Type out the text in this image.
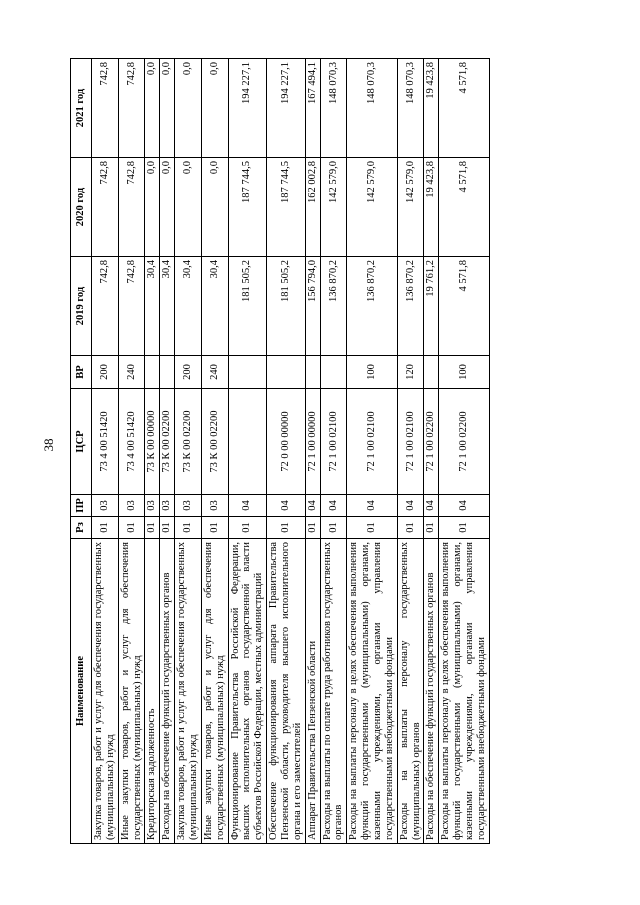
38
Наименование	Рз	ПР	ЦСР	ВР	2019 год	2020 год	2021 год
Закупка товаров, работ и услуг для обеспечения государственных (муниципальных) нужд	01	03	73 4 00 51420	200	742,8	742,8	742,8
Иные закупки товаров, работ и услуг для обеспечения государственных (муниципальных) нужд	01	03	73 4 00 51420	240	742,8	742,8	742,8
Кредиторская задолженность	01	03	73 К 00 00000		30,4	0,0	0,0
Расходы на обеспечение функций государственных органов	01	03	73 К 00 02200		30,4	0,0	0,0
Закупка товаров, работ и услуг для обеспечения государственных (муниципальных) нужд	01	03	73 К 00 02200	200	30,4	0,0	0,0
Иные закупки товаров, работ и услуг для обеспечения государственных (муниципальных) нужд	01	03	73 К 00 02200	240	30,4	0,0	0,0
Функционирование Правительства Российской Федерации, высших исполнительных органов государственной власти субъектов Российской Федерации, местных администраций	01	04			181 505,2	187 744,5	194 227,1
Обеспечение функционирования аппарата Правительства Пензенской области, руководителя высшего исполнительного органа и его заместителей	01	04	72 0 00 00000		181 505,2	187 744,5	194 227,1
Аппарат Правительства Пензенской области	01	04	72 1 00 00000		156 794,0	162 002,8	167 494,1
Расходы на выплаты по оплате труда работников государственных органов	01	04	72 1 00 02100		136 870,2	142 579,0	148 070,3
Расходы на выплаты персоналу в целях обеспечения выполнения функций государственными (муниципальными) органами, казенными учреждениями, органами управления государственными внебюджетными фондами	01	04	72 1 00 02100	100	136 870,2	142 579,0	148 070,3
Расходы на выплаты персоналу государственных (муниципальных) органов	01	04	72 1 00 02100	120	136 870,2	142 579,0	148 070,3
Расходы на обеспечение функций государственных органов	01	04	72 1 00 02200		19 761,2	19 423,8	19 423,8
Расходы на выплаты персоналу в целях обеспечения выполнения функций государственными (муниципальными) органами, казенными учреждениями, органами управления государственными внебюджетными фондами	01	04	72 1 00 02200	100	4 571,8	4 571,8	4 571,8
